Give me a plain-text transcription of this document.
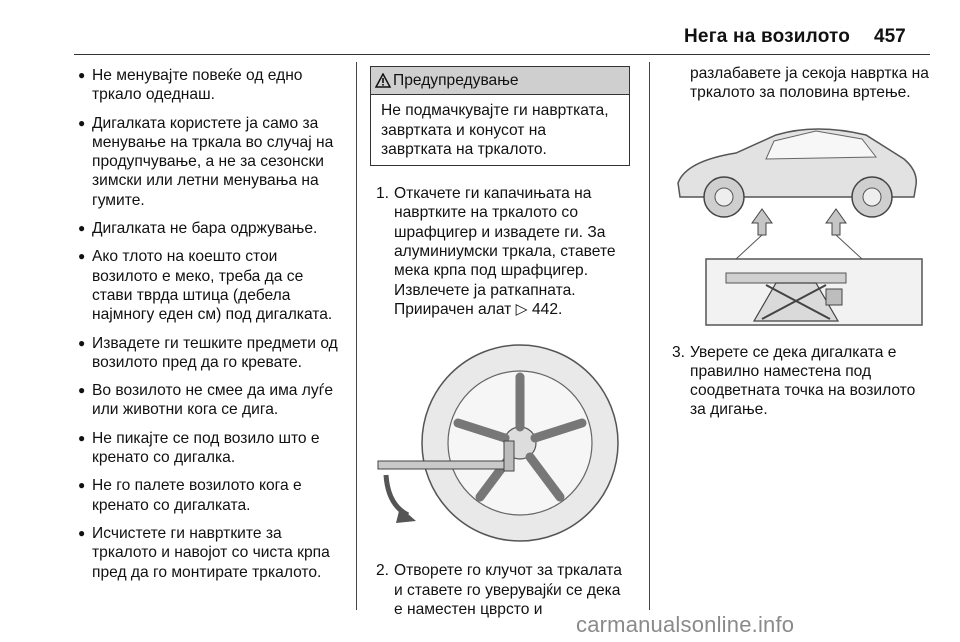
Нега на возилото 457
● Не менувајте повеќе од едно тркало одеднаш.
● Дигалката користете ја само за менување на тркала во случај на продупчување, а не за сезонски зимски или летни менувања на гумите.
● Дигалката не бара одржување.
● Ако тлото на коешто стои возилото е меко, треба да се стави тврда штица (дебела најмногу еден см) под дигалката.
● Извадете ги тешките предмети од возилото пред да го кревате.
● Во возилото не смее да има луѓе или животни кога се дига.
● Не пикајте се под возило што е кренато со дигалка.
● Не го палете возилото кога е кренато со дигалката.
● Исчистете ги навртките за тркалото и навојот со чиста крпа пред да го монтирате тркалото.
Предупредување
Не подмачкувајте ги навртката, завртката и конусот на завртката на тркалото.
1. Откачете ги капачињата на навртките на тркалото со шрафцигер и извадете ги. За алуминиумски тркала, ставете мека крпа под шрафцигер. Извлечете ја раткапната. Приирачен алат ▷ 442.
2. Отворете го клучот за тркалата и ставете го уверувајќи се дека е наместен цврсто и
разлабавете ја секоја навртка на тркалото за половина вртење.
3. Уверете се дека дигалката е правилно наместена под соодветната точка на возилото за дигање.
carmanualsonline.info
